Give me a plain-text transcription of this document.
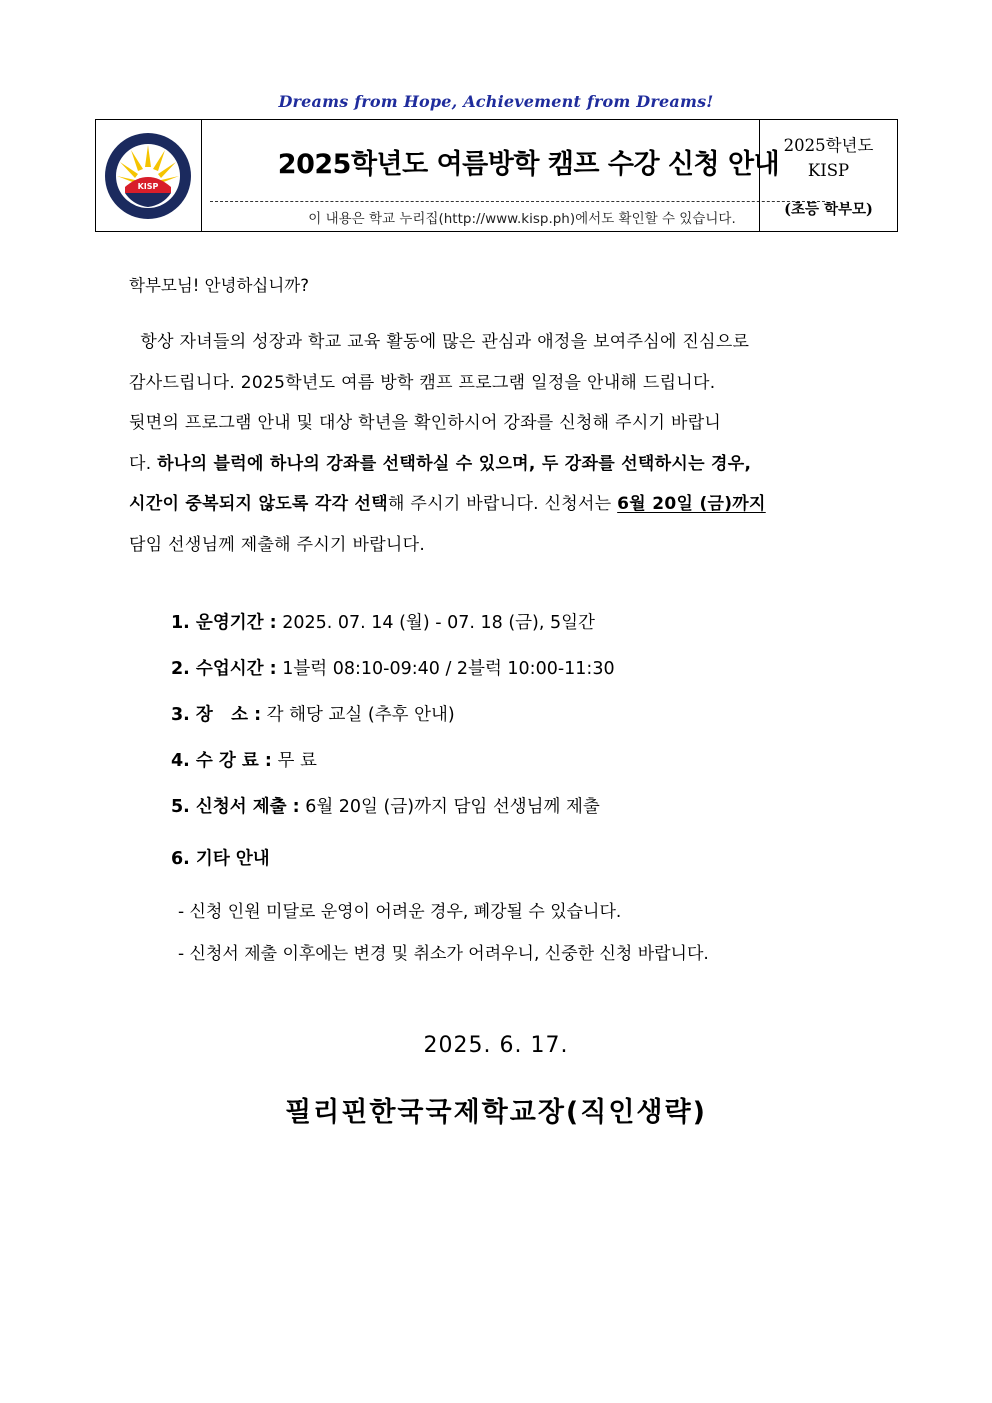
Dreams from Hope, Achievement from Dreams!
KISP
2025학년도 여름방학 캠프 수강 신청 안내
이 내용은 학교 누리집(http://www.kisp.ph)에서도 확인할 수 있습니다.
2025학년도
KISP
(초등 학부모)
학부모님! 안녕하십니까?
항상 자녀들의 성장과 학교 교육 활동에 많은 관심과 애정을 보여주심에 진심으로
감사드립니다. 2025학년도 여름 방학 캠프 프로그램 일정을 안내해 드립니다.
뒷면의 프로그램 안내 및 대상 학년을 확인하시어 강좌를 신청해 주시기 바랍니
다. 하나의 블럭에 하나의 강좌를 선택하실 수 있으며, 두 강좌를 선택하시는 경우,
시간이 중복되지 않도록 각각 선택해 주시기 바랍니다. 신청서는 6월 20일 (금)까지
담임 선생님께 제출해 주시기 바랍니다.
1. 운영기간 : 2025. 07. 14 (월) - 07. 18 (금), 5일간
2. 수업시간 : 1블럭 08:10-09:40 / 2블럭 10:00-11:30
3. 장   소 : 각 해당 교실 (추후 안내)
4. 수 강 료 : 무 료
5. 신청서 제출 : 6월 20일 (금)까지 담임 선생님께 제출
6. 기타 안내
- 신청 인원 미달로 운영이 어려운 경우, 폐강될 수 있습니다.
- 신청서 제출 이후에는 변경 및 취소가 어려우니, 신중한 신청 바랍니다.
2025. 6. 17.
필리핀한국국제학교장(직인생략)
